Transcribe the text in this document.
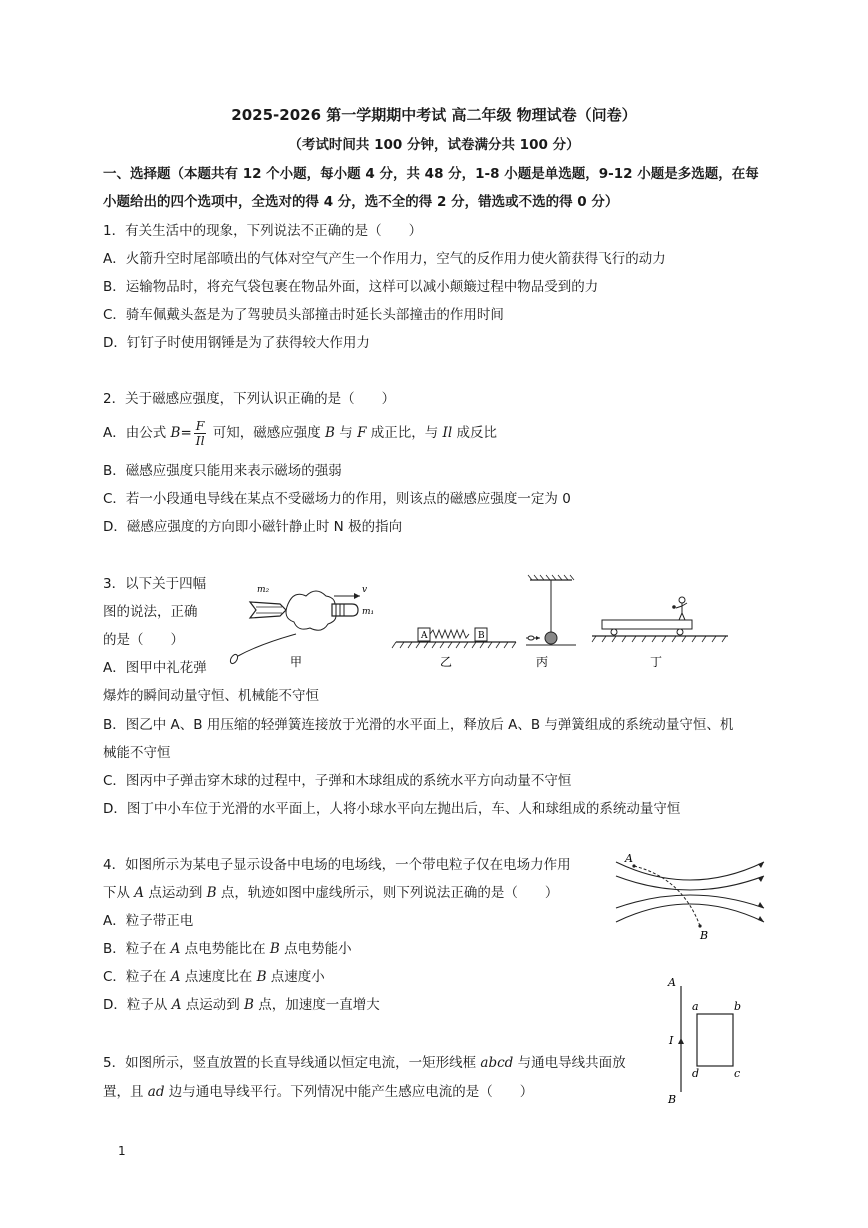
2025-2026 第一学期期中考试 高二年级 物理试卷（问卷）
（考试时间共 100 分钟，试卷满分共 100 分）
一、选择题（本题共有 12 个小题，每小题 4 分，共 48 分，1-8 小题是单选题，9-12 小题是多选题，在每
小题给出的四个选项中，全选对的得 4 分，选不全的得 2 分，错选或不选的得 0 分）
1．有关生活中的现象，下列说法不正确的是（　　）
A．火箭升空时尾部喷出的气体对空气产生一个作用力，空气的反作用力使火箭获得飞行的动力
B．运输物品时，将充气袋包裹在物品外面，这样可以减小颠簸过程中物品受到的力
C．骑车佩戴头盔是为了驾驶员头部撞击时延长头部撞击的作用时间
D．钉钉子时使用钢锤是为了获得较大作用力
2．关于磁感应强度，下列认识正确的是（　　）
A．由公式 $B= \frac{F}{Il}$ 可知，磁感应强度 B 与 F 成正比，与 Il 成反比
B．磁感应强度只能用来表示磁场的强弱
C．若一小段通电导线在某点不受磁场力的作用，则该点的磁感应强度一定为 0
D．磁感应强度的方向即小磁针静止时 N 极的指向
3．以下关于四幅
图的说法，正确
的是（　　）
A．图甲中礼花弹
爆炸的瞬间动量守恒、机械能不守恒
B．图乙中 A、B 用压缩的轻弹簧连接放于光滑的水平面上，释放后 A、B 与弹簧组成的系统动量守恒、机
械能不守恒
C．图丙中子弹击穿木球的过程中，子弹和木球组成的系统水平方向动量不守恒
D．图丁中小车位于光滑的水平面上，人将小球水平向左抛出后，车、人和球组成的系统动量守恒
m₂
m₁
v
甲
A	B
乙	丙	丁
4．如图所示为某电子显示设备中电场的电场线，一个带电粒子仅在电场力作用
下从 A 点运动到 B 点，轨迹如图中虚线所示，则下列说法正确的是（　　）
A．粒子带正电
B．粒子在 A 点电势能比在 B 点电势能小
C．粒子在 A 点速度比在 B 点速度小
D．粒子从 A 点运动到 B 点，加速度一直增大
A
B
5．如图所示，竖直放置的长直导线通以恒定电流，一矩形线框 abcd 与通电导线共面放
置，且 ad 边与通电导线平行。下列情况中能产生感应电流的是（　　）
A
B
I
a	b
c
d
1
